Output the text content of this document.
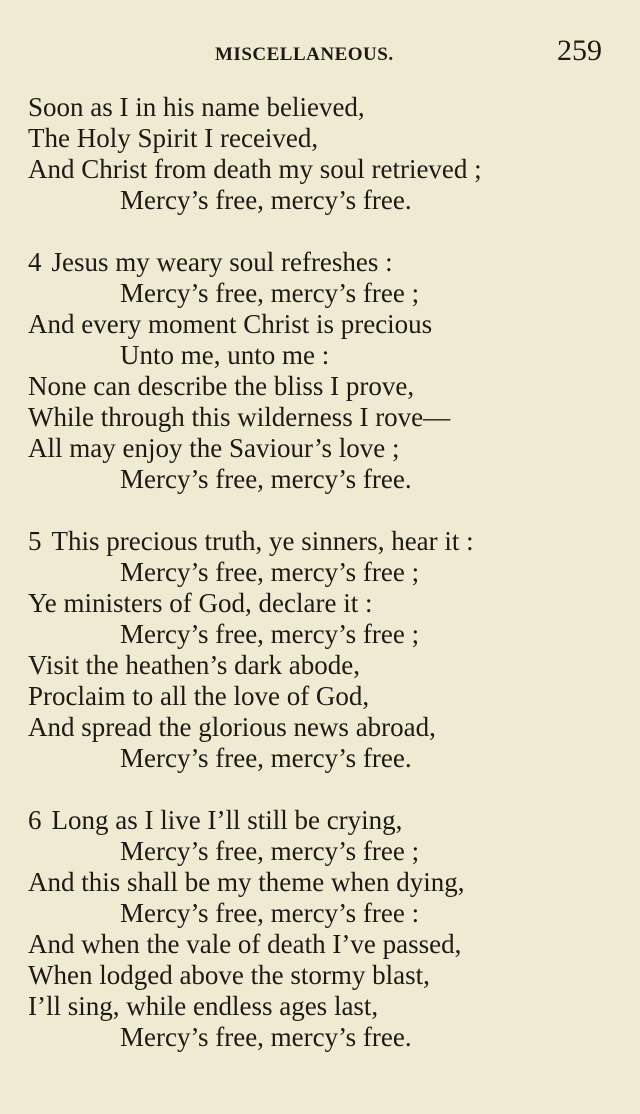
MISCELLANEOUS.	259
Soon as I in his name believed,
The Holy Spirit I received,
And Christ from death my soul retrieved ;
Mercy’s free, mercy’s free.
4 Jesus my weary soul refreshes :
Mercy’s free, mercy’s free ;
And every moment Christ is precious
Unto me, unto me :
None can describe the bliss I prove,
While through this wilderness I rove—
All may enjoy the Saviour’s love ;
Mercy’s free, mercy’s free.
5 This precious truth, ye sinners, hear it :
Mercy’s free, mercy’s free ;
Ye ministers of God, declare it :
Mercy’s free, mercy’s free ;
Visit the heathen’s dark abode,
Proclaim to all the love of God,
And spread the glorious news abroad,
Mercy’s free, mercy’s free.
6 Long as I live I’ll still be crying,
Mercy’s free, mercy’s free ;
And this shall be my theme when dying,
Mercy’s free, mercy’s free :
And when the vale of death I’ve passed,
When lodged above the stormy blast,
I’ll sing, while endless ages last,
Mercy’s free, mercy’s free.
